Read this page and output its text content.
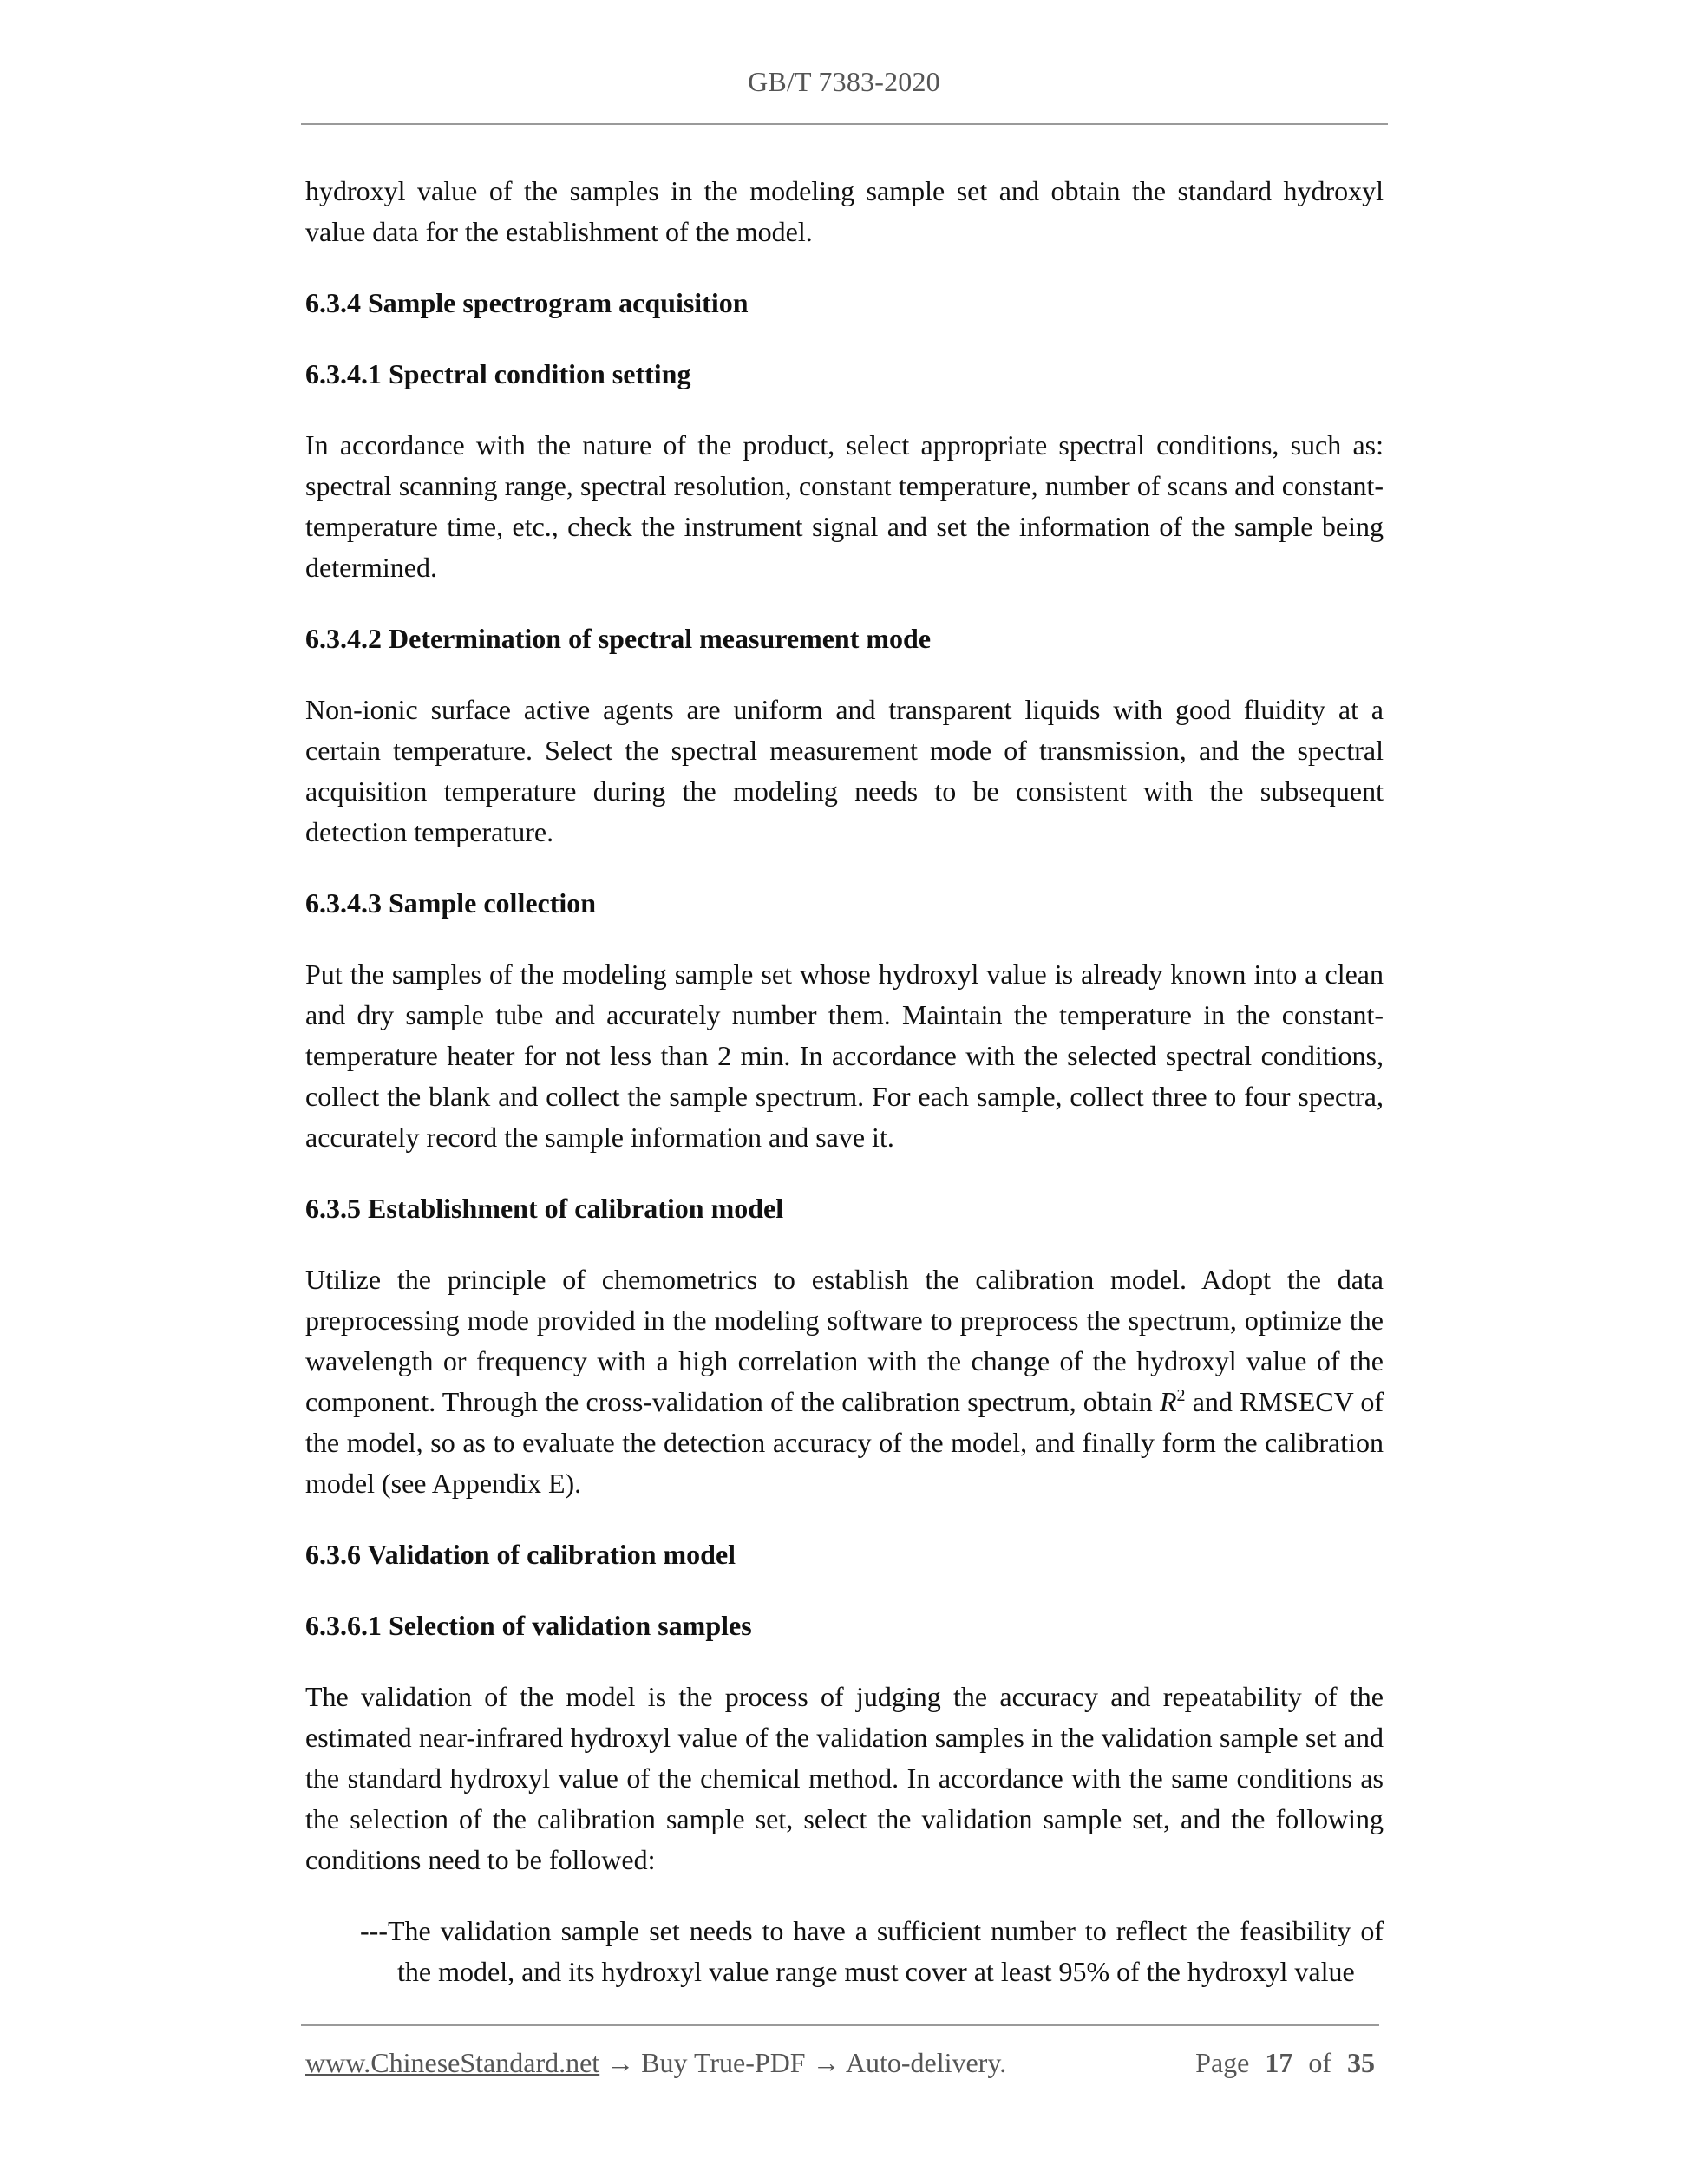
GB/T 7383-2020

hydroxyl value of the samples in the modeling sample set and obtain the standard hydroxyl value data for the establishment of the model.

6.3.4 Sample spectrogram acquisition

6.3.4.1 Spectral condition setting

In accordance with the nature of the product, select appropriate spectral conditions, such as: spectral scanning range, spectral resolution, constant temperature, number of scans and constant-temperature time, etc., check the instrument signal and set the information of the sample being determined.

6.3.4.2 Determination of spectral measurement mode

Non-ionic surface active agents are uniform and transparent liquids with good fluidity at a certain temperature. Select the spectral measurement mode of transmission, and the spectral acquisition temperature during the modeling needs to be consistent with the subsequent detection temperature.

6.3.4.3 Sample collection

Put the samples of the modeling sample set whose hydroxyl value is already known into a clean and dry sample tube and accurately number them. Maintain the temperature in the constant-temperature heater for not less than 2 min. In accordance with the selected spectral conditions, collect the blank and collect the sample spectrum. For each sample, collect three to four spectra, accurately record the sample information and save it.

6.3.5 Establishment of calibration model

Utilize the principle of chemometrics to establish the calibration model. Adopt the data preprocessing mode provided in the modeling software to preprocess the spectrum, optimize the wavelength or frequency with a high correlation with the change of the hydroxyl value of the component. Through the cross-validation of the calibration spectrum, obtain $R^2$ and RMSECV of the model, so as to evaluate the detection accuracy of the model, and finally form the calibration model (see Appendix E).

6.3.6 Validation of calibration model

6.3.6.1 Selection of validation samples

The validation of the model is the process of judging the accuracy and repeatability of the estimated near-infrared hydroxyl value of the validation samples in the validation sample set and the standard hydroxyl value of the chemical method. In accordance with the same conditions as the selection of the calibration sample set, select the validation sample set, and the following conditions need to be followed:

---The validation sample set needs to have a sufficient number to reflect the feasibility of the model, and its hydroxyl value range must cover at least 95% of the hydroxyl value

www.ChineseStandard.net → Buy True-PDF → Auto-delivery.	Page 17 of 35
